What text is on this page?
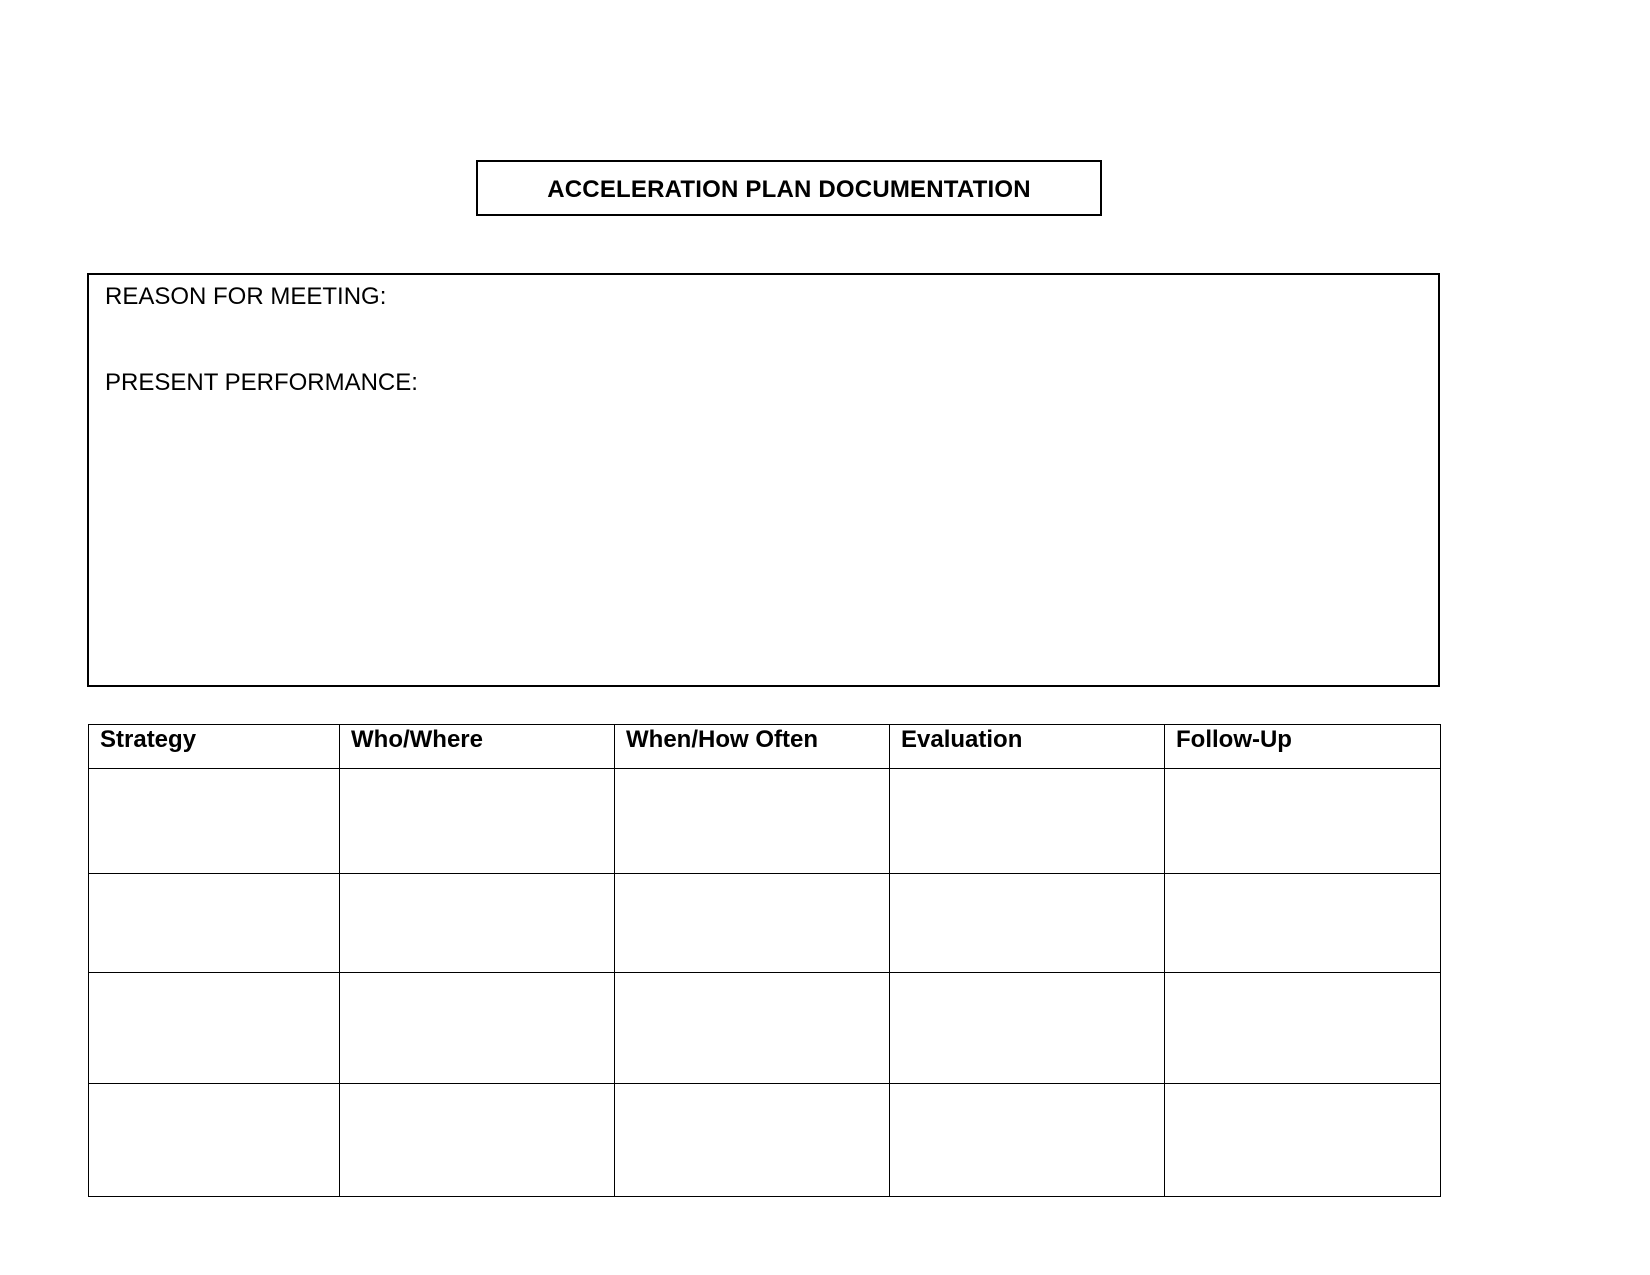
ACCELERATION PLAN DOCUMENTATION
REASON FOR MEETING:
PRESENT PERFORMANCE:
Strategy	Who/Where	When/How Often	Evaluation	Follow-Up
